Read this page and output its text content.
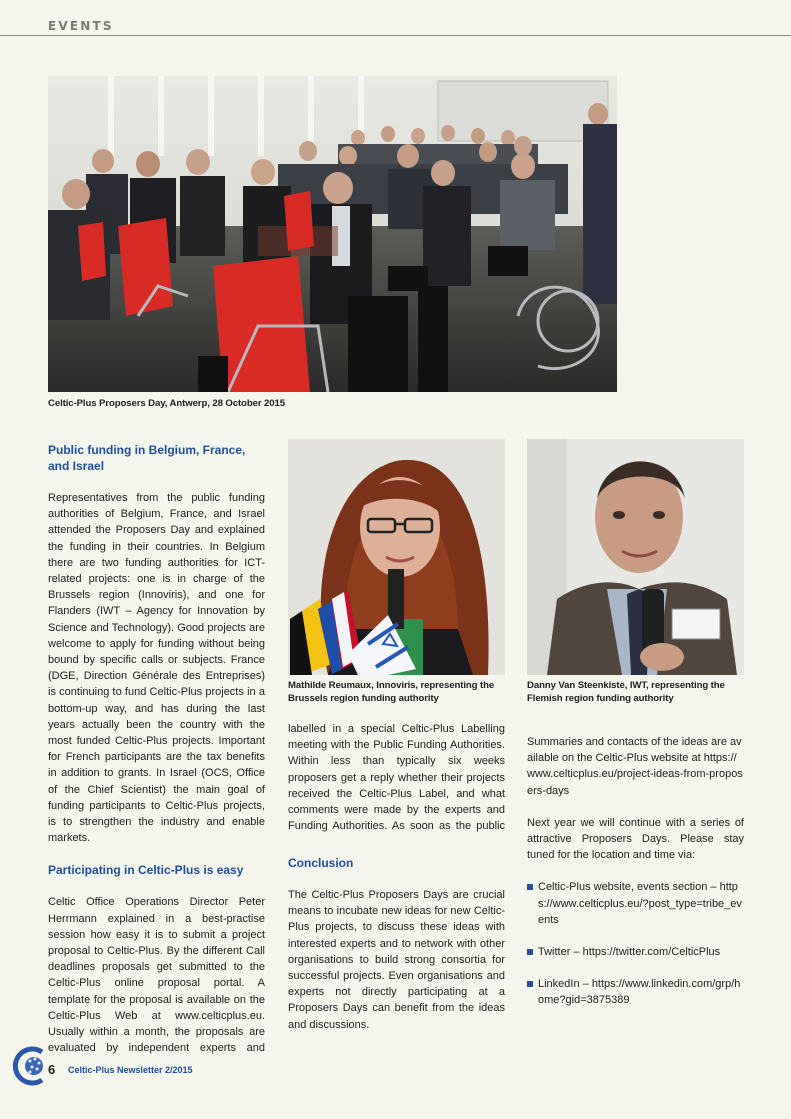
EVENTS
Celtic-Plus Proposers Day, Antwerp, 28 October 2015
Mathilde Reumaux, Innoviris, representing the Brussels region funding authority
Danny Van Steenkiste, IWT, representing the Flemish region funding authority
Public funding in Belgium, France, and Israel

Representatives from the public funding authorities of Belgium, France, and Israel attended the Proposers Day and explained the funding in their countries. In Belgium there are two funding authorities for ICT-related projects: one is in charge of the Brussels region (Innoviris), and one for Flanders (IWT – Agency for Innovation by Science and Technology). Good projects are welcome to apply for funding without being bound by specific calls or subjects. France (DGE, Direction Générale des Entreprises) is continuing to fund Celtic-Plus projects in a bottom-up way, and has during the last years actually been the country with the most funded Celtic-Plus projects. Important for French participants are the tax benefits in addition to grants. In Israel (OCS, Office of the Chief Scientist) the main goal of funding participants to Celtic-Plus projects, is to strengthen the industry and enable markets.

Participating in Celtic-Plus is easy

Celtic Office Operations Director Peter Herrmann explained in a best-practise session how easy it is to submit a project proposal to Celtic-Plus. By the different Call deadlines proposals get submitted to the Celtic-Plus online proposal portal. A template for the proposal is available on the Celtic-Plus Web at www.celticplus.eu. Usually within a month, the proposals are evaluated by independent experts and

labelled in a special Celtic-Plus Labelling meeting with the Public Funding Authorities. Within less than typically six weeks proposers get a reply whether their projects received the Celtic-Plus Label, and what comments were made by the experts and Funding Authorities. As soon as the public

Conclusion

The Celtic-Plus Proposers Days are crucial means to incubate new ideas for new Celtic-Plus projects, to discuss these ideas with interested experts and to network with other organisations to build strong consortia for successful projects. Even organisations and experts not directly participating at a Proposers Days can benefit from the ideas and discussions.

Summaries and contacts of the ideas are available on the Celtic-Plus website at https://www.celticplus.eu/project-ideas-from-proposers-days

Next year we will continue with a series of attractive Proposers Days. Please stay tuned for the location and time via:

Celtic-Plus website, events section – https://www.celticplus.eu/?post_type=tribe_events
Twitter – https://twitter.com/CelticPlus
LinkedIn – https://www.linkedin.com/grp/home?gid=3875389
6 Celtic-Plus Newsletter 2/2015
